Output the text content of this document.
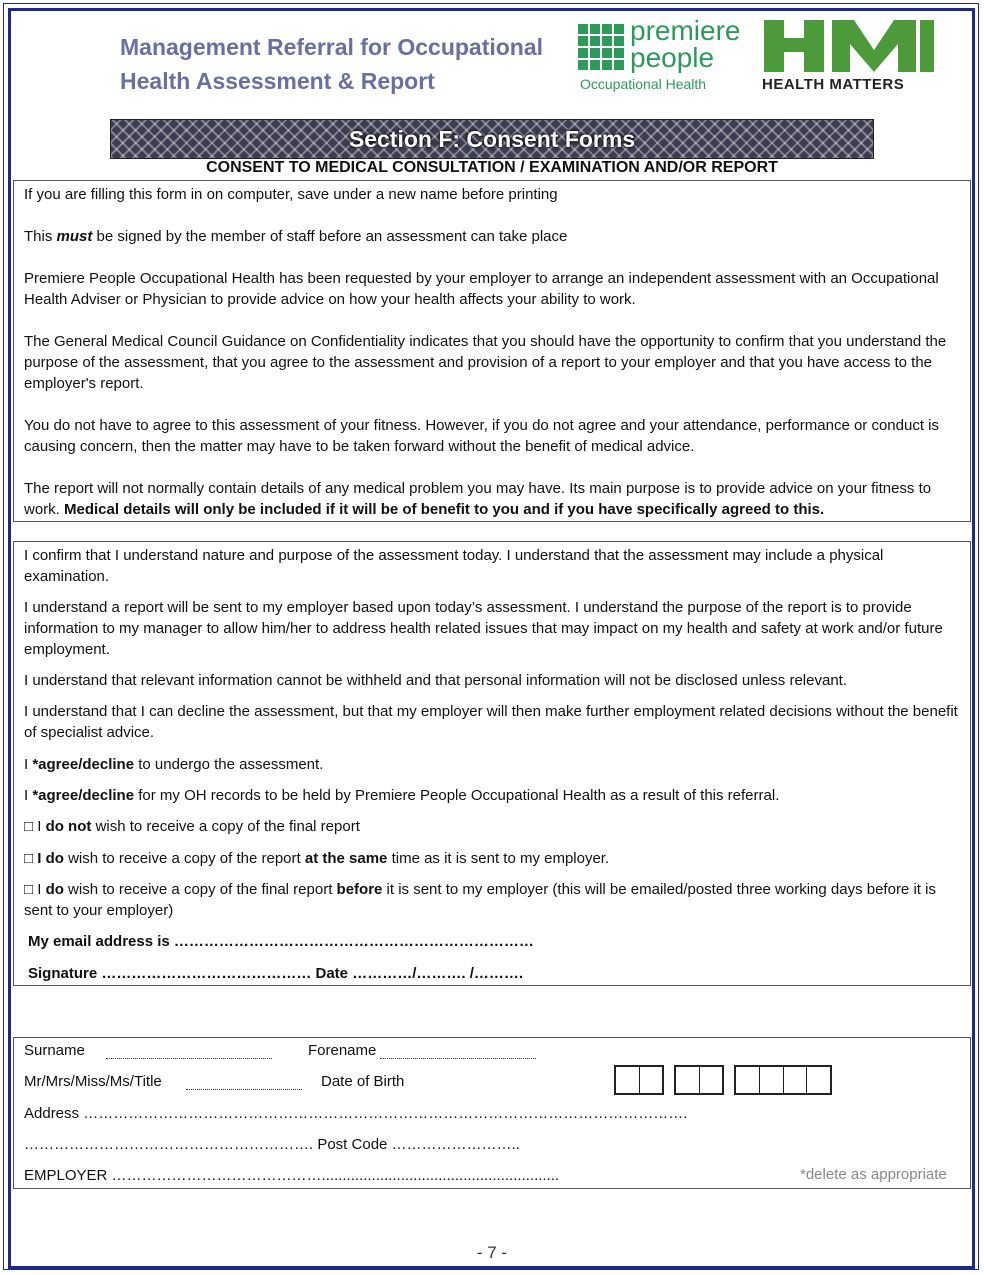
Management Referral for Occupational
Health Assessment & Report
premiere
people
Occupational Health	HEALTH MATTERS
Section F: Consent Forms
CONSENT TO MEDICAL CONSULTATION / EXAMINATION AND/OR REPORT

If you are filling this form in on computer, save under a new name before printing

This must be signed by the member of staff before an assessment can take place

Premiere People Occupational Health has been requested by your employer to arrange an independent assessment with an Occupational Health Adviser or Physician to provide advice on how your health affects your ability to work.

The General Medical Council Guidance on Confidentiality indicates that you should have the opportunity to confirm that you understand the purpose of the assessment, that you agree to the assessment and provision of a report to your employer and that you have access to the employer's report.

You do not have to agree to this assessment of your fitness. However, if you do not agree and your attendance, performance or conduct is causing concern, then the matter may have to be taken forward without the benefit of medical advice.

The report will not normally contain details of any medical problem you may have. Its main purpose is to provide advice on your fitness to work. Medical details will only be included if it will be of benefit to you and if you have specifically agreed to this.

I confirm that I understand nature and purpose of the assessment today. I understand that the assessment may include a physical examination.

I understand a report will be sent to my employer based upon today’s assessment. I understand the purpose of the report is to provide information to my manager to allow him/her to address health related issues that may impact on my health and safety at work and/or future employment.

I understand that relevant information cannot be withheld and that personal information will not be disclosed unless relevant.

I understand that I can decline the assessment, but that my employer will then make further employment related decisions without the benefit of specialist advice.

I *agree/decline to undergo the assessment.

I *agree/decline for my OH records to be held by Premiere People Occupational Health as a result of this referral.

□ I do not wish to receive a copy of the final report

□ I do wish to receive a copy of the report at the same time as it is sent to my employer.

□ I do wish to receive a copy of the final report before it is sent to my employer (this will be emailed/posted three working days before it is sent to your employer)

My email address is ………………………………………………………………

Signature …………………………………… Date …………/………. /……….

Surname	Forename
Mr/Mrs/Miss/Ms/Title	Date of Birth
Address ………………………………………………………………………………………………………….
…………………………………………………. Post Code ……………………..
EMPLOYER …………………………………….........................................................	*delete as appropriate
- 7 -
